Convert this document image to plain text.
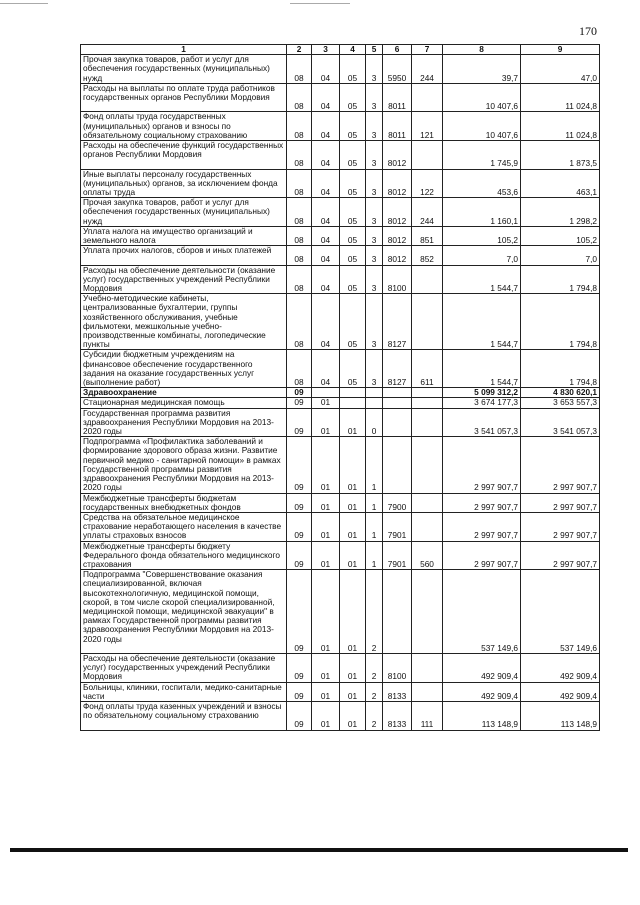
170
1	2	3	4	5	6	7	8	9
Прочая закупка товаров, работ и услуг для обеспечения государственных (муниципальных) нужд	08	04	05	3	5950	244	39,7	47,0
Расходы на выплаты по оплате труда работников государственных органов Республики Мордовия	08	04	05	3	8011		10 407,6	11 024,8
Фонд оплаты труда государственных (муниципальных) органов и взносы по обязательному социальному страхованию	08	04	05	3	8011	121	10 407,6	11 024,8
Расходы на обеспечение функций государственных органов Республики Мордовия	08	04	05	3	8012		1 745,9	1 873,5
Иные выплаты персоналу государственных (муниципальных) органов, за исключением фонда оплаты труда	08	04	05	3	8012	122	453,6	463,1
Прочая закупка товаров, работ и услуг для обеспечения государственных (муниципальных) нужд	08	04	05	3	8012	244	1 160,1	1 298,2
Уплата налога на имущество организаций и земельного налога	08	04	05	3	8012	851	105,2	105,2
Уплата прочих налогов, сборов и иных платежей	08	04	05	3	8012	852	7,0	7,0
Расходы на обеспечение деятельности (оказание услуг) государственных учреждений Республики Мордовия	08	04	05	3	8100		1 544,7	1 794,8
Учебно-методические кабинеты, централизованные бухгалтерии, группы хозяйственного обслуживания, учебные фильмотеки, межшкольные учебно-производственные комбинаты, логопедические пункты	08	04	05	3	8127		1 544,7	1 794,8
Субсидии бюджетным учреждениям на финансовое обеспечение государственного задания на оказание государственных услуг (выполнение работ)	08	04	05	3	8127	611	1 544,7	1 794,8
Здравоохранение	09						5 099 312,2	4 830 620,1
Стационарная медицинская помощь	09	01					3 674 177,3	3 653 557,3
Государственная программа развития здравоохранения Республики Мордовия на 2013-2020 годы	09	01	01	0			3 541 057,3	3 541 057,3
Подпрограмма «Профилактика заболеваний и формирование здорового образа жизни. Развитие первичной медико - санитарной помощи» в рамках Государственной программы развития здравоохранения Республики Мордовия на 2013-2020 годы	09	01	01	1			2 997 907,7	2 997 907,7
Межбюджетные трансферты бюджетам государственных внебюджетных фондов	09	01	01	1	7900		2 997 907,7	2 997 907,7
Средства на обязательное медицинское страхование неработающего населения в качестве уплаты страховых взносов	09	01	01	1	7901		2 997 907,7	2 997 907,7
Межбюджетные трансферты бюджету Федерального фонда обязательного медицинского страхования	09	01	01	1	7901	560	2 997 907,7	2 997 907,7
Подпрограмма "Совершенствование оказания специализированной, включая высокотехнологичную, медицинской помощи, скорой, в том числе скорой специализированной, медицинской помощи, медицинской эвакуации" в рамках Государственной программы развития здравоохранения Республики Мордовия на 2013-2020 годы	09	01	01	2			537 149,6	537 149,6
Расходы на обеспечение деятельности (оказание услуг) государственных учреждений Республики Мордовия	09	01	01	2	8100		492 909,4	492 909,4
Больницы, клиники, госпитали, медико-санитарные части	09	01	01	2	8133		492 909,4	492 909,4
Фонд оплаты труда казенных учреждений и взносы по обязательному социальному страхованию	09	01	01	2	8133	111	113 148,9	113 148,9
